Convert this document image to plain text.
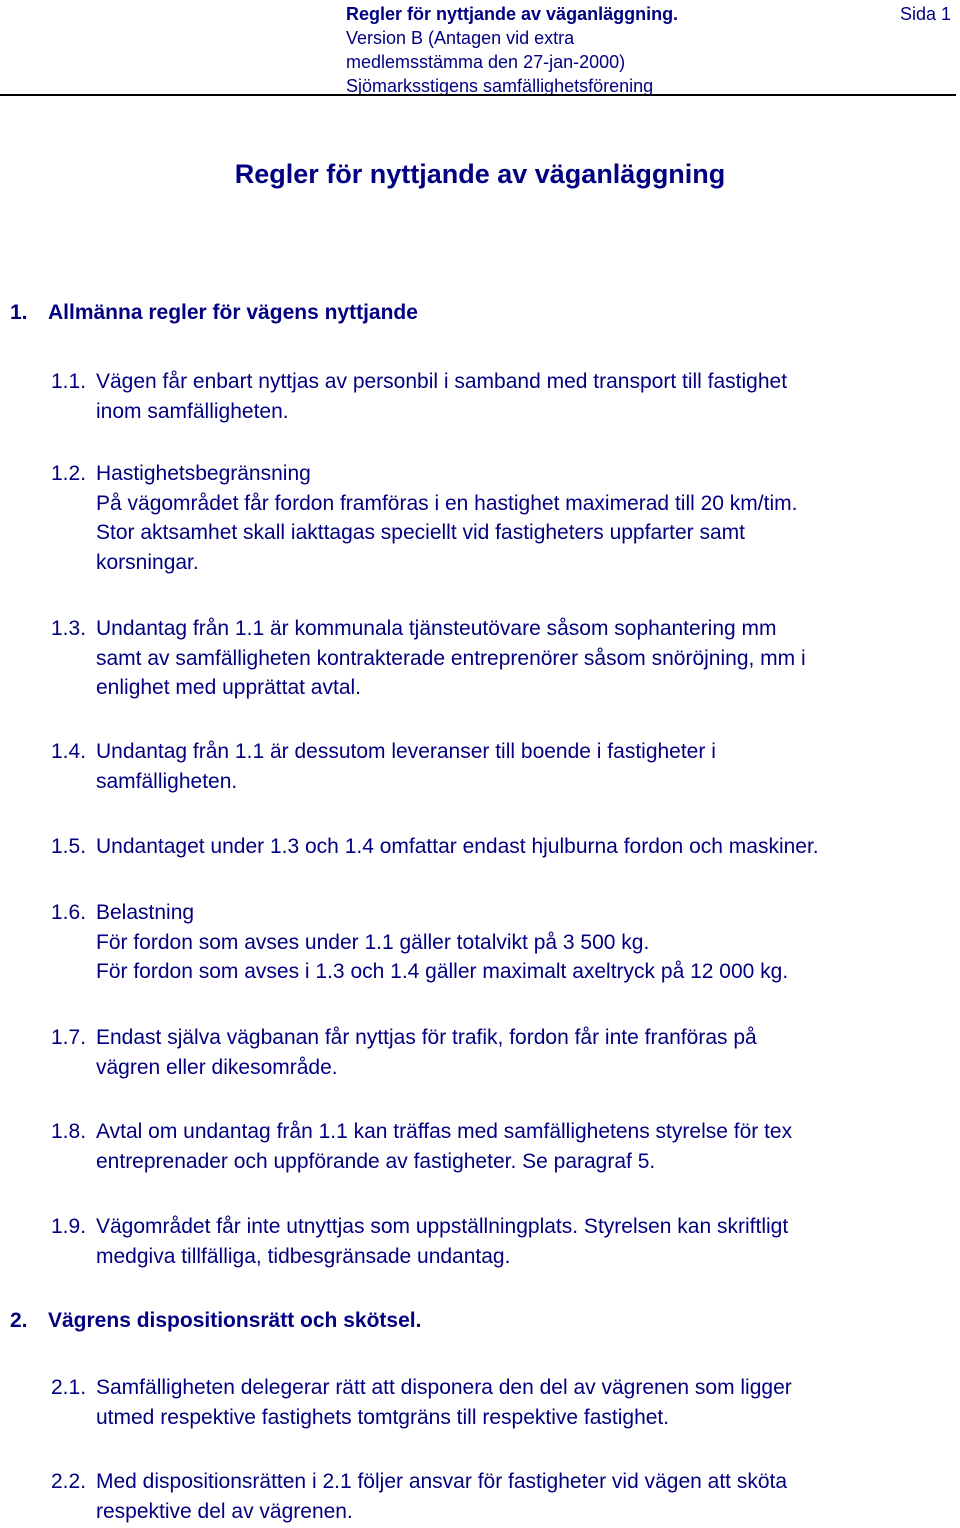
Regler för nyttjande av väganläggning.
Version B (Antagen vid extra
medlemsstämma den 27-jan-2000)
Sjömarksstigens samfällighetsförening
Sida 1
Regler för nyttjande av väganläggning
1. Allmänna regler för vägens nyttjande
1.1. Vägen får enbart nyttjas av personbil i samband med transport till fastighet
inom samfälligheten.
1.2. Hastighetsbegränsning
På vägområdet får fordon framföras i en hastighet maximerad till 20 km/tim.
Stor aktsamhet skall iakttagas speciellt vid fastigheters uppfarter samt
korsningar.
1.3. Undantag från 1.1 är kommunala tjänsteutövare såsom sophantering mm
samt av samfälligheten kontrakterade entreprenörer såsom snöröjning, mm i
enlighet med upprättat avtal.
1.4. Undantag från 1.1 är dessutom leveranser till boende i fastigheter i
samfälligheten.
1.5. Undantaget under 1.3 och 1.4 omfattar endast hjulburna fordon och maskiner.
1.6. Belastning
För fordon som avses under 1.1 gäller totalvikt på 3 500 kg.
För fordon som avses i 1.3 och 1.4 gäller maximalt axeltryck på 12 000 kg.
1.7. Endast själva vägbanan får nyttjas för trafik, fordon får inte franföras på
vägren eller dikesområde.
1.8. Avtal om undantag från 1.1 kan träffas med samfällighetens styrelse för tex
entreprenader och uppförande av fastigheter. Se paragraf 5.
1.9. Vägområdet får inte utnyttjas som uppställningplats. Styrelsen kan skriftligt
medgiva tillfälliga, tidbesgränsade undantag.
2. Vägrens dispositionsrätt och skötsel.
2.1. Samfälligheten delegerar rätt att disponera den del av vägrenen som ligger
utmed respektive fastighets tomtgräns till respektive fastighet.
2.2. Med dispositionsrätten i 2.1 följer ansvar för fastigheter vid vägen att sköta
respektive del av vägrenen.
